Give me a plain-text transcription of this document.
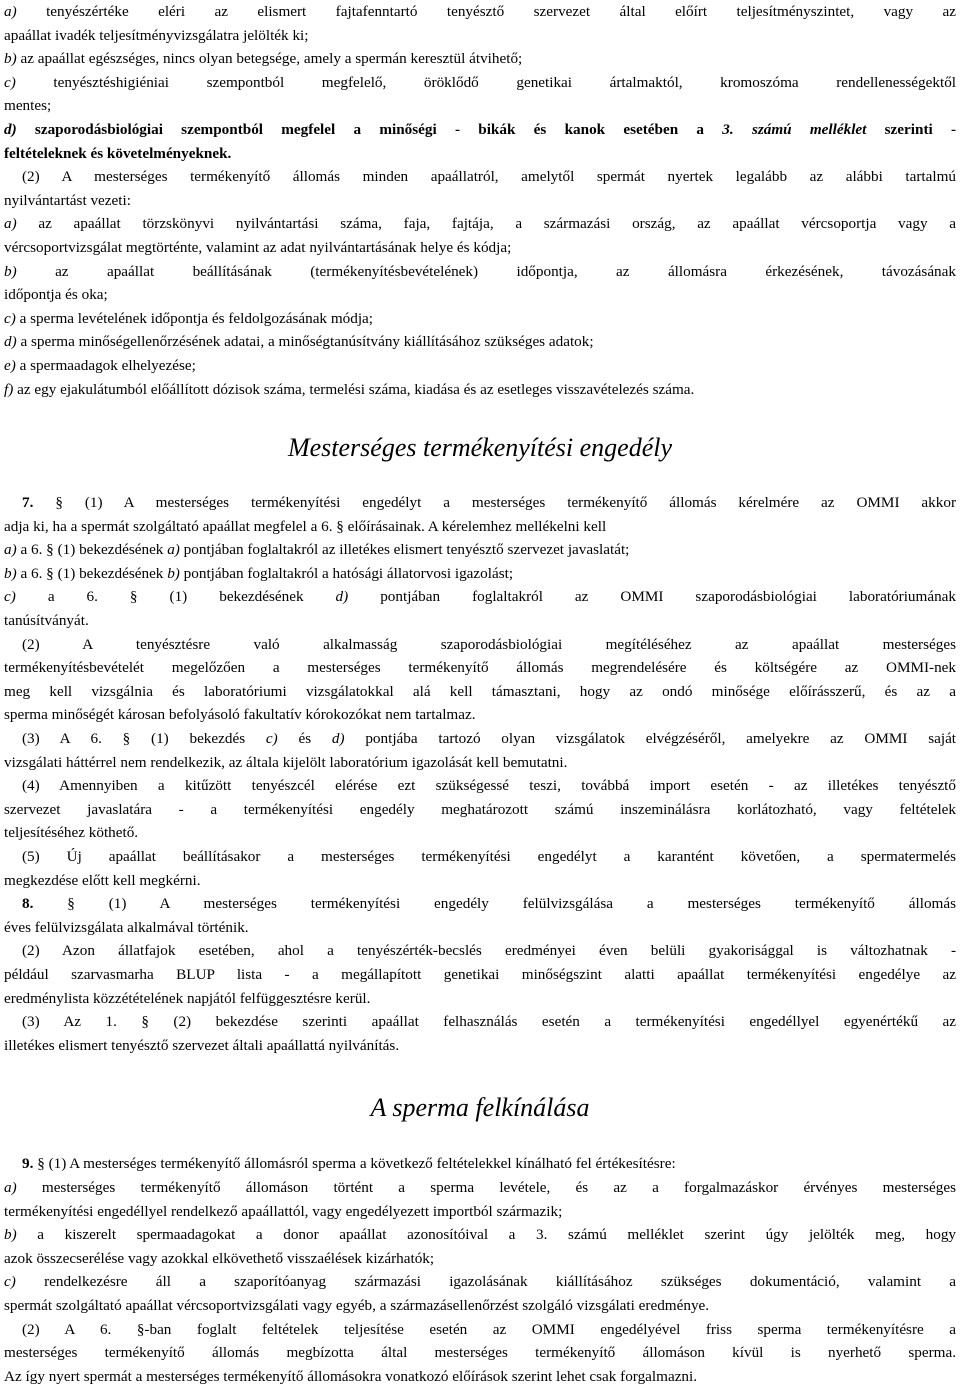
a) tenyészértéke eléri az elismert fajtafenntartó tenyésztő szervezet által előírt teljesítményszintet, vagy az
apaállat ivadék teljesítményvizsgálatra jelölték ki;
b) az apaállat egészséges, nincs olyan betegsége, amely a spermán keresztül átvihető;
c) tenyésztéshigiéniai szempontból megfelelő, öröklődő genetikai ártalmaktól, kromoszóma rendellenességektől
mentes;
d) szaporodásbiológiai szempontból megfelel a minőségi - bikák és kanok esetében a 3. számú melléklet szerinti -
feltételeknek és követelményeknek.
(2) A mesterséges termékenyítő állomás minden apaállatról, amelytől spermát nyertek legalább az alábbi tartalmú
nyilvántartást vezeti:
a) az apaállat törzskönyvi nyilvántartási száma, faja, fajtája, a származási ország, az apaállat vércsoportja vagy a
vércsoportvizsgálat megtörténte, valamint az adat nyilvántartásának helye és kódja;
b)	az apaállat beállításának (termékenyítésbevételének) időpontja, az állomásra érkezésének, távozásának
időpontja és oka;
c) a sperma levételének időpontja és feldolgozásának módja;
d) a sperma minőségellenőrzésének adatai, a minőségtanúsítvány kiállításához szükséges adatok;
e) a spermaadagok elhelyezése;
f) az egy ejakulátumból előállított dózisok száma, termelési száma, kiadása és az esetleges visszavételezés száma.
Mesterséges termékenyítési engedély
7. § (1) A mesterséges termékenyítési engedélyt a mesterséges termékenyítő állomás kérelmére az OMMI akkor
adja ki, ha a spermát szolgáltató apaállat megfelel a 6. § előírásainak. A kérelemhez mellékelni kell
a) a 6. § (1) bekezdésének a) pontjában foglaltakról az illetékes elismert tenyésztő szervezet javaslatát;
b) a 6. § (1) bekezdésének b) pontjában foglaltakról a hatósági állatorvosi igazolást;
c) a 6. § (1) bekezdésének d) pontjában foglaltakról az OMMI szaporodásbiológiai laboratóriumának
tanúsítványát.
(2) A tenyésztésre való alkalmasság szaporodásbiológiai megítéléséhez az apaállat mesterséges
termékenyítésbevételét megelőzően a mesterséges termékenyítő állomás megrendelésére és költségére az OMMI-nek
meg kell vizsgálnia és laboratóriumi vizsgálatokkal alá kell támasztani, hogy az ondó minősége előírásszerű, és az a
sperma minőségét károsan befolyásoló fakultatív kórokozókat nem tartalmaz.
(3) A 6. § (1) bekezdés c) és d) pontjába tartozó olyan vizsgálatok elvégzéséről, amelyekre az OMMI saját
vizsgálati háttérrel nem rendelkezik, az általa kijelölt laboratórium igazolását kell bemutatni.
(4) Amennyiben a kitűzött tenyészcél elérése ezt szükségessé teszi, továbbá import esetén - az illetékes tenyésztő
szervezet javaslatára - a termékenyítési engedély meghatározott számú inszeminálásra korlátozható, vagy feltételek
teljesítéséhez köthető.
(5) Új apaállat beállításakor a mesterséges termékenyítési engedélyt a karantént követően, a spermatermelés
megkezdése előtt kell megkérni.
8. § (1) A mesterséges termékenyítési engedély felülvizsgálása a mesterséges termékenyítő állomás
éves felülvizsgálata alkalmával történik.
(2) Azon állatfajok esetében, ahol a tenyészérték-becslés eredményei éven belüli gyakorisággal is változhatnak -
például szarvasmarha BLUP lista - a megállapított genetikai minőségszint alatti apaállat termékenyítési engedélye az
eredménylista közzétételének napjától felfüggesztésre kerül.
(3) Az 1. § (2) bekezdése szerinti apaállat felhasználás esetén a termékenyítési engedéllyel egyenértékű az
illetékes elismert tenyésztő szervezet általi apaállattá nyilvánítás.
A sperma felkínálása
9. § (1) A mesterséges termékenyítő állomásról sperma a következő feltételekkel kínálható fel értékesítésre:
a) mesterséges termékenyítő állomáson történt a sperma levétele, és az a forgalmazáskor érvényes mesterséges
termékenyítési engedéllyel rendelkező apaállattól, vagy engedélyezett importból származik;
b) a kiszerelt spermaadagokat a donor apaállat azonosítóival a 3. számú melléklet szerint úgy jelölték meg, hogy
azok összecserélése vagy azokkal elkövethető visszaélések kizárhatók;
c) rendelkezésre áll a szaporítóanyag származási igazolásának kiállításához szükséges dokumentáció, valamint a
spermát szolgáltató apaállat vércsoportvizsgálati vagy egyéb, a származásellenőrzést szolgáló vizsgálati eredménye.
(2) A 6. §-ban foglalt feltételek teljesítése esetén az OMMI engedélyével friss sperma termékenyítésre a
mesterséges termékenyítő állomás megbízotta által mesterséges termékenyítő állomáson kívül is nyerhető sperma.
Az így nyert spermát a mesterséges termékenyítő állomásokra vonatkozó előírások szerint lehet csak forgalmazni.
